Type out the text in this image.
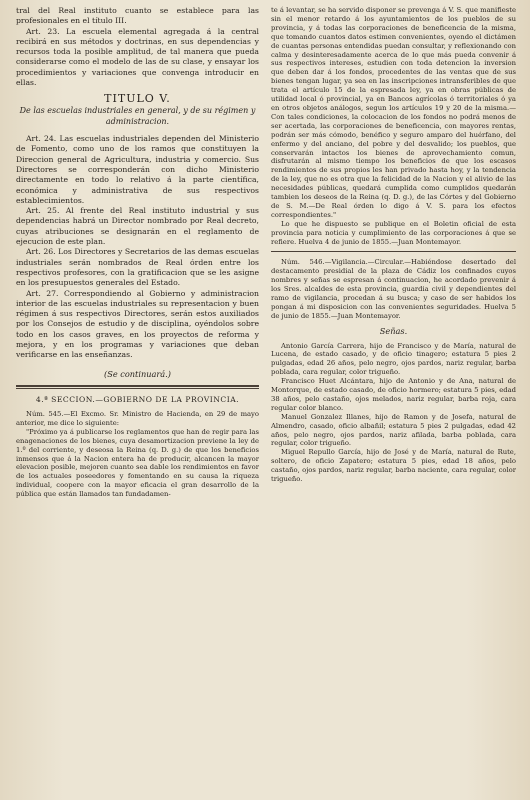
tral del Real instituto cuanto se establece para las profesionales en el título III.

Art. 23. La escuela elemental agregada á la central recibirá en sus métodos y doctrinas, en sus dependencias y recursos toda la posible amplitud, de tal manera que pueda considerarse como el modelo de las de su clase, y ensayar los procedimientos y variaciones que convenga introducir en ellas.

TITULO V.

De las escuelas industriales en general, y de su régimen y administracion.

Art. 24. Las escuelas industriales dependen del Ministerio de Fomento, como uno de los ramos que constituyen la Direccion general de Agricultura, industria y comercio. Sus Directores se corresponderán con dicho Ministerio directamente en todo lo relativo á la parte científica, económica y administrativa de sus respectivos establecimientos.

Art. 25. Al frente del Real instituto industrial y sus dependencias habrá un Director nombrado por Real decreto, cuyas atribuciones se designarán en el reglamento de ejecucion de este plan.

Art. 26. Los Directores y Secretarios de las demas escuelas industriales serán nombrados de Real órden entre los respectivos profesores, con la gratificacion que se les asigne en los presupuestos generales del Estado.

Art. 27. Correspondiendo al Gobierno y administracion interior de las escuelas industriales su representacion y buen régimen á sus respectivos Directores, serán estos auxiliados por los Consejos de estudio y de disciplina, oyéndolos sobre todo en los casos graves, en los proyectos de reforma y mejora, y en los programas y variaciones que deban verificarse en las enseñanzas.

(Se continuará.)

4.ª SECCION.—GOBIERNO DE LA PROVINCIA.

Núm. 545.—El Excmo. Sr. Ministro de Hacienda, en 29 de mayo anterior, me dice lo siguiente:

"Próximo ya á publicarse los reglamentos que han de regir para las enagenaciones de los bienes, cuya desamortizacion previene la ley de 1.º del corriente, y deseosa la Reina (q. D. g.) de que los beneficios inmensos que á la Nacion entera ha de producir, alcancen la mayor elevacion posible, mejoren cuanto sea dable los rendimientos en favor de los actuales poseedores y fomentando en su causa la riqueza individual, coopere con la mayor eficacia el gran desarrollo de la pública que están llamados tan fundadamen-

te á levantar, se ha servido disponer se prevenga á V. S. que manifieste sin el menor retardo á los ayuntamientos de los pueblos de su provincia, y á todas las corporaciones de beneficencia de la misma, que tomando cuantos datos estimen convenientes, oyendo el dictámen de cuantas personas entendidas puedan consultar, y reflexionando con calma y desinteresadamente acerca de lo que más pueda convenir á sus respectivos intereses, estudien con toda detencion la inversion que deben dar á los fondos, procedentes de las ventas que de sus bienes tengan lugar, ya sea en las inscripciones intransferibles de que trata el artículo 15 de la espresada ley, ya en obras públicas de utilidad local ó provincial, ya en Bancos agrícolas ó territoriales ó ya en otros objetos análogos, segun los artículos 19 y 20 de la misma.—Con tales condiciones, la colocacion de los fondos no podrá menos de ser acertada, las corporaciones de beneficencia, con mayores rentas, podrán ser más cómodo, benéfico y seguro amparo del huérfano, del enfermo y del anciano, del pobre y del desvalido; los pueblos, que conservarán intactos los bienes de aprovechamiento comun, disfrutarán al mismo tiempo los beneficios de que los escasos rendimientos de sus propios les han privado hasta hoy, y la tendencia de la ley, que no es otra que la felicidad de la Nacion y el alivio de las necesidades públicas, quedará cumplida como cumplidos quedarán tambien los deseos de la Reina (q. D. g.), de las Córtes y del Gobierno de S. M.—De Real órden lo digo á V. S. para los efectos correspondientes."

Lo que he dispuesto se publique en el Boletin oficial de esta provincia para noticia y cumplimiento de las corporaciones á que se refiere. Huelva 4 de junio de 1855.—Juan Montemayor.

Núm. 546.—Vigilancia.—Circular.—Habiéndose desertado del destacamento presidial de la plaza de Cádiz los confinados cuyos nombres y señas se espresan á continuacion, he acordado prevenir á los Sres. alcaldes de esta provincia, guardia civil y dependientes del ramo de vigilancia, procedan á su busca; y caso de ser habidos los pongan á mi disposicion con las convenientes seguridades. Huelva 5 de junio de 1855.—Juan Montemayor.

Señas.

Antonio García Carrera, hijo de Francisco y de María, natural de Lucena, de estado casado, y de oficio tinagero; estatura 5 pies 2 pulgadas, edad 26 años, pelo negro, ojos pardos, nariz regular, barba poblada, cara regular, color trigueño.

Francisco Huet Alcántara, hijo de Antonio y de Ana, natural de Montorque, de estado casado, de oficio hormero; estatura 5 pies, edad 38 años, pelo castaño, ojos melados, nariz regular, barba roja, cara regular color blanco.

Manuel Gonzalez Illanes, hijo de Ramon y de Josefa, natural de Almendro, casado, oficio albañil; estatura 5 pies 2 pulgadas, edad 42 años, pelo negro, ojos pardos, nariz afilada, barba poblada, cara regular, color trigueño.

Miguel Repullo García, hijo de José y de María, natural de Rute, soltero, de oficio Zapatero; estatura 5 pies, edad 18 años, pelo castaño, ojos pardos, nariz regular, barba naciente, cara regular, color trigueño.
